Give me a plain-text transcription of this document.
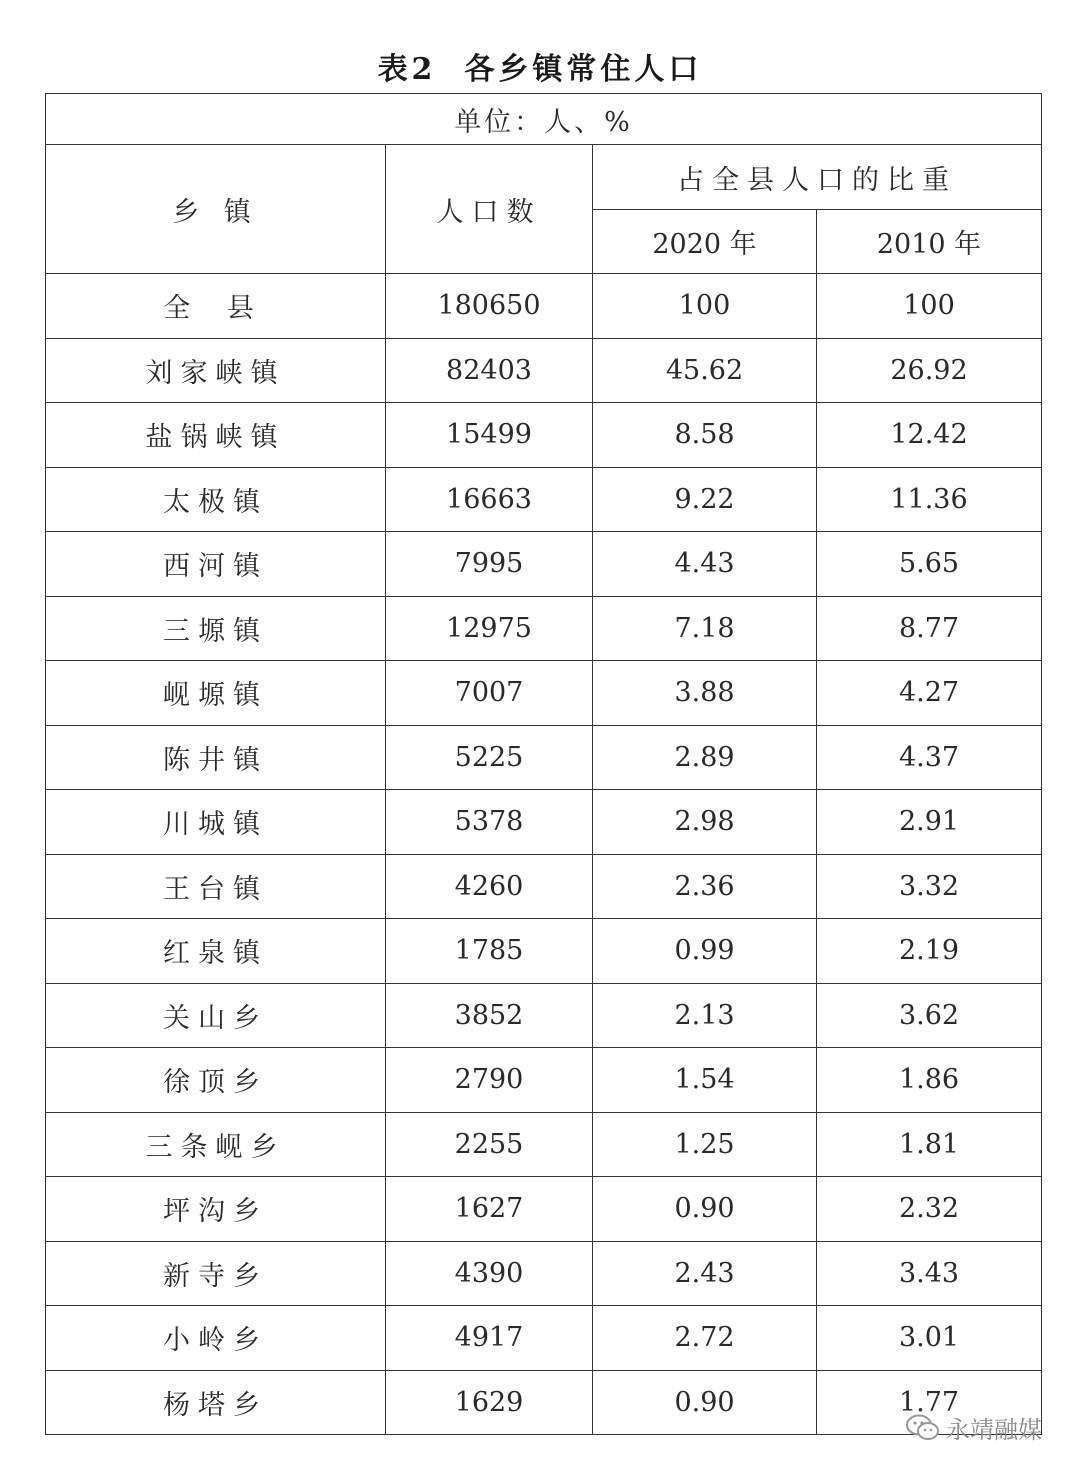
表2 各乡镇常住人口
单位：人、%			
乡 镇	人口数	占全县人口的比重	
		2020 年	2010 年
全 县	180650	100	100
刘家峡镇	82403	45.62	26.92
盐锅峡镇	15499	8.58	12.42
太极镇	16663	9.22	11.36
西河镇	7995	4.43	5.65
三塬镇	12975	7.18	8.77
岘塬镇	7007	3.88	4.27
陈井镇	5225	2.89	4.37
川城镇	5378	2.98	2.91
王台镇	4260	2.36	3.32
红泉镇	1785	0.99	2.19
关山乡	3852	2.13	3.62
徐顶乡	2790	1.54	1.86
三条岘乡	2255	1.25	1.81
坪沟乡	1627	0.90	2.32
新寺乡	4390	2.43	3.43
小岭乡	4917	2.72	3.01
杨塔乡	1629	0.90	1.77
永靖融媒
